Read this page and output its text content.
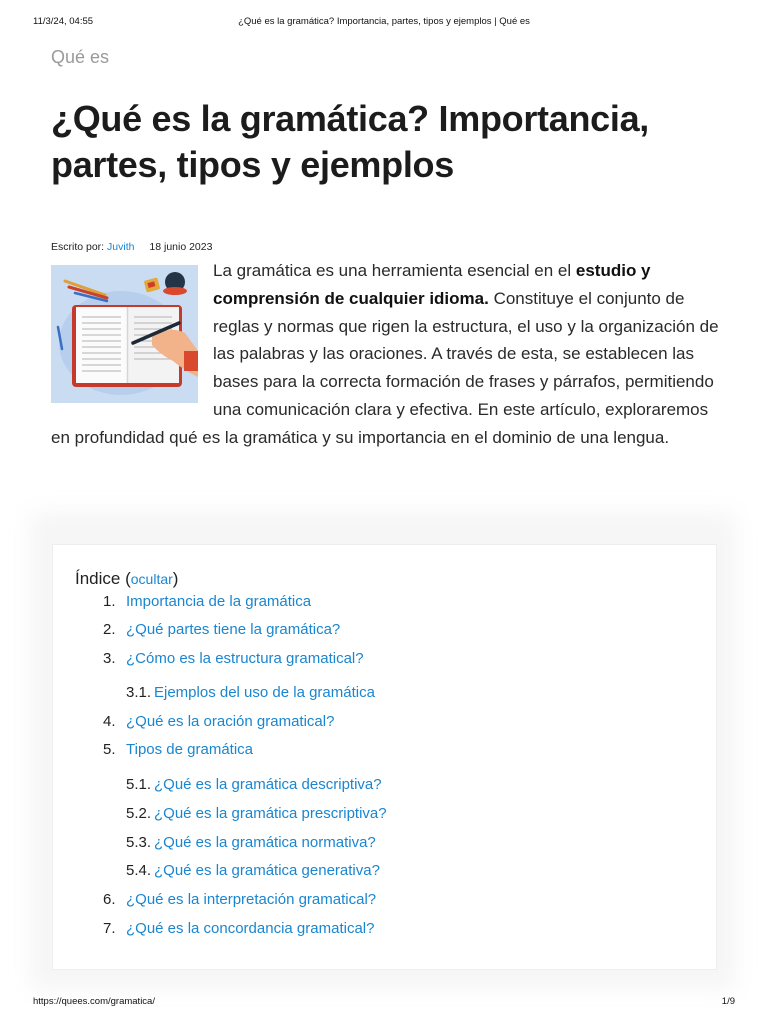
11/3/24, 04:55	¿Qué es la gramática? Importancia, partes, tipos y ejemplos | Qué es
Qué es
¿Qué es la gramática? Importancia, partes, tipos y ejemplos
Escrito por: Juvith 18 junio 2023
La gramática es una herramienta esencial en el estudio y comprensión de cualquier idioma. Constituye el conjunto de reglas y normas que rigen la estructura, el uso y la organización de las palabras y las oraciones. A través de esta, se establecen las bases para la correcta formación de frases y párrafos, permitiendo una comunicación clara y efectiva. En este artículo, exploraremos en profundidad qué es la gramática y su importancia en el dominio de una lengua.
Índice (ocultar)
1. Importancia de la gramática
2. ¿Qué partes tiene la gramática?
3. ¿Cómo es la estructura gramatical?
3.1. Ejemplos del uso de la gramática
4. ¿Qué es la oración gramatical?
5. Tipos de gramática
5.1. ¿Qué es la gramática descriptiva?
5.2. ¿Qué es la gramática prescriptiva?
5.3. ¿Qué es la gramática normativa?
5.4. ¿Qué es la gramática generativa?
6. ¿Qué es la interpretación gramatical?
7. ¿Qué es la concordancia gramatical?
https://quees.com/gramatica/	1/9
